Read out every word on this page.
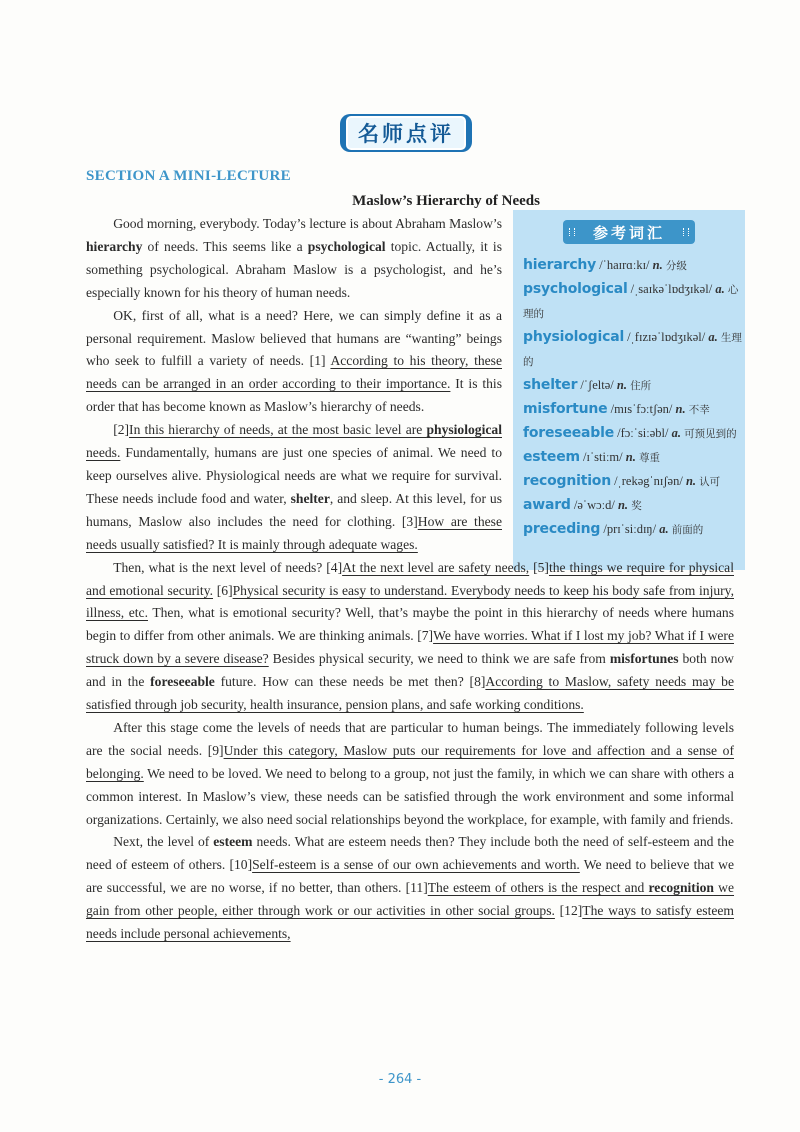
名师点评
SECTION A MINI-LECTURE
Maslow’s Hierarchy of Needs
参考词汇
hierarchy /ˈhaɪrɑːkɪ/ n. 分级
psychological /ˌsaɪkəˈlɒdʒɪkəl/ a. 心理的
physiological /ˌfɪzɪəˈlɒdʒɪkəl/ a. 生理的
shelter /ˈʃeltə/ n. 住所
misfortune /mɪsˈfɔːtʃən/ n. 不幸
foreseeable /fɔːˈsiːəbl/ a. 可预见到的
esteem /ɪˈstiːm/ n. 尊重
recognition /ˌrekəgˈnɪʃən/ n. 认可
award /əˈwɔːd/ n. 奖
preceding /prɪˈsiːdɪŋ/ a. 前面的

Good morning, everybody. Today’s lecture is about Abraham Maslow’s hierarchy of needs. This seems like a psychological topic. Actually, it is something psychological. Abraham Maslow is a psychologist, and he’s especially known for his theory of human needs.

OK, first of all, what is a need? Here, we can simply define it as a personal requirement. Maslow believed that humans are “wanting” beings who seek to fulfill a variety of needs. [1] According to his theory, these needs can be arranged in an order according to their importance. It is this order that has become known as Maslow’s hierarchy of needs.

[2]In this hierarchy of needs, at the most basic level are physiological needs. Fundamentally, humans are just one species of animal. We need to keep ourselves alive. Physiological needs are what we require for survival. These needs include food and water, shelter, and sleep. At this level, for us humans, Maslow also includes the need for clothing. [3]How are these needs usually satisfied? It is mainly through adequate wages.

Then, what is the next level of needs? [4]At the next level are safety needs, [5]the things we require for physical and emotional security. [6]Physical security is easy to understand. Everybody needs to keep his body safe from injury, illness, etc. Then, what is emotional security? Well, that’s maybe the point in this hierarchy of needs where humans begin to differ from other animals. We are thinking animals. [7]We have worries. What if I lost my job? What if I were struck down by a severe disease? Besides physical security, we need to think we are safe from misfortunes both now and in the foreseeable future. How can these needs be met then? [8]According to Maslow, safety needs may be satisfied through job security, health insurance, pension plans, and safe working conditions.

After this stage come the levels of needs that are particular to human beings. The immediately following levels are the social needs. [9]Under this category, Maslow puts our requirements for love and affection and a sense of belonging. We need to be loved. We need to belong to a group, not just the family, in which we can share with others a common interest. In Maslow’s view, these needs can be satisfied through the work environment and some informal organizations. Certainly, we also need social relationships beyond the workplace, for example, with family and friends.

Next, the level of esteem needs. What are esteem needs then? They include both the need of self-esteem and the need of esteem of others. [10]Self-esteem is a sense of our own achievements and worth. We need to believe that we are successful, we are no worse, if no better, than others. [11]The esteem of others is the respect and recognition we gain from other people, either through work or our activities in other social groups. [12]The ways to satisfy esteem needs include personal achievements,

- 264 -
